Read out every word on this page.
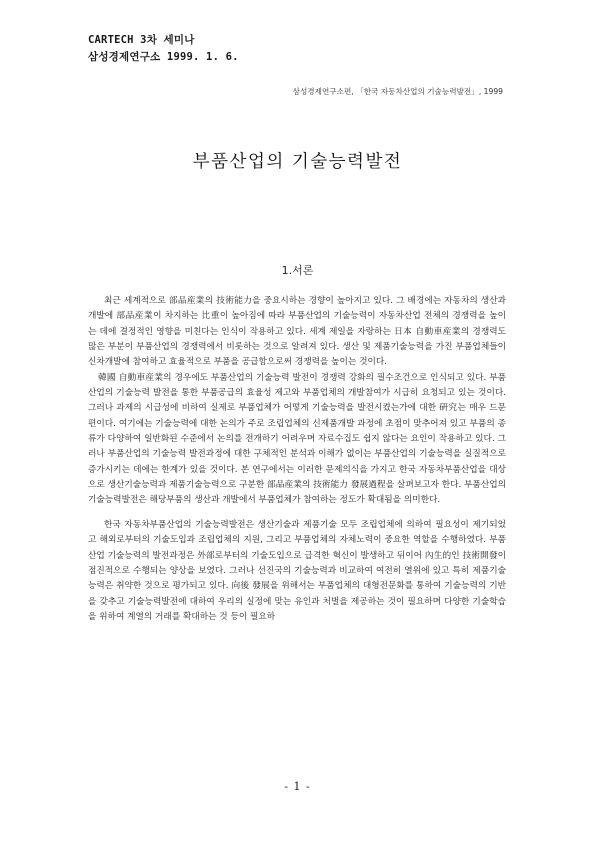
CARTECH 3차 세미나
삼성경제연구소 1999. 1. 6.
삼성경제연구소편, 「한국 자동차산업의 기술능력발전」, 1999
부품산업의 기술능력발전
1.서론

최근 세계적으로 部品産業의 技術能力을 중요시하는 경향이 높아지고 있다. 그 배경에는 자동차의 생산과 개발에 部品産業이 차지하는 比重이 높아짐에 따라 부품산업의 기술능력이 자동차산업 전체의 경쟁력을 높이는 데에 결정적인 영향을 미친다는 인식이 작용하고 있다. 세계 제일을 자랑하는 日本 自動車産業의 경쟁력도 많은 부분이 부품산업의 경쟁력에서 비롯하는 것으로 알려져 있다. 생산 및 제품기술능력을 가진 부품업체들이 신차개발에 참여하고 효율적으로 부품을 공급함으로써 경쟁력을 높이는 것이다.

韓國 自動車産業의 경우에도 부품산업의 기술능력 발전이 경쟁력 강화의 필수조건으로 인식되고 있다. 부품산업의 기술능력 발전을 통한 부품공급의 효율성 제고와 부품업체의 개발참여가 시급히 요청되고 있는 것이다. 그러나 과제의 시급성에 비하여 실제로 부품업체가 어떻게 기술능력을 발전시켰는가에 대한 硏究는 매우 드문 편이다. 여기에는 기술능력에 대한 논의가 주로 조립업체의 신제품개발 과정에 초점이 맞추어져 있고 부품의 종류가 다양하여 일반화된 수준에서 논의를 전개하기 어려우며 자료수집도 쉽지 않다는 요인이 작용하고 있다. 그러나 부품산업의 기술능력 발전과정에 대한 구체적인 분석과 이해가 없이는 부품산업의 기술능력을 실질적으로 증가시키는 데에는 한계가 있을 것이다. 본 연구에서는 이러한 문제의식을 가지고 한국 자동차부품산업을 대상으로 생산기술능력과 제품기술능력으로 구분한 部品産業의 技術能力 發展過程을 살펴보고자 한다. 부품산업의 기술능력발전은 해당부품의 생산과 개발에서 부품업체가 참여하는 정도가 확대됨을 의미한다.

한국 자동차부품산업의 기술능력발전은 생산기술과 제품기술 모두 조립업체에 의하여 필요성이 제기되었고 해외로부터의 기술도입과 조립업체의 지원, 그리고 부품업체의 자체노력이 중요한 역할을 수행하였다. 부품산업 기술능력의 발전과정은 外部로부터의 기술도입으로 급격한 혁신이 발생하고 뒤이어 內生的인 技術開發이 점진적으로 수행되는 양상을 보였다. 그러나 선진국의 기술능력과 비교하여 여전히 열위에 있고 특히 제품기술능력은 취약한 것으로 평가되고 있다. 向後 發展을 위해서는 부품업체의 대형전문화를 통하여 기술능력의 기반을 갖추고 기술능력발전에 대하여 우리의 실정에 맞는 유인과 처벌을 제공하는 것이 필요하며 다양한 기술학습을 위하여 계열의 거래를 확대하는 것 등이 필요하

- 1 -
